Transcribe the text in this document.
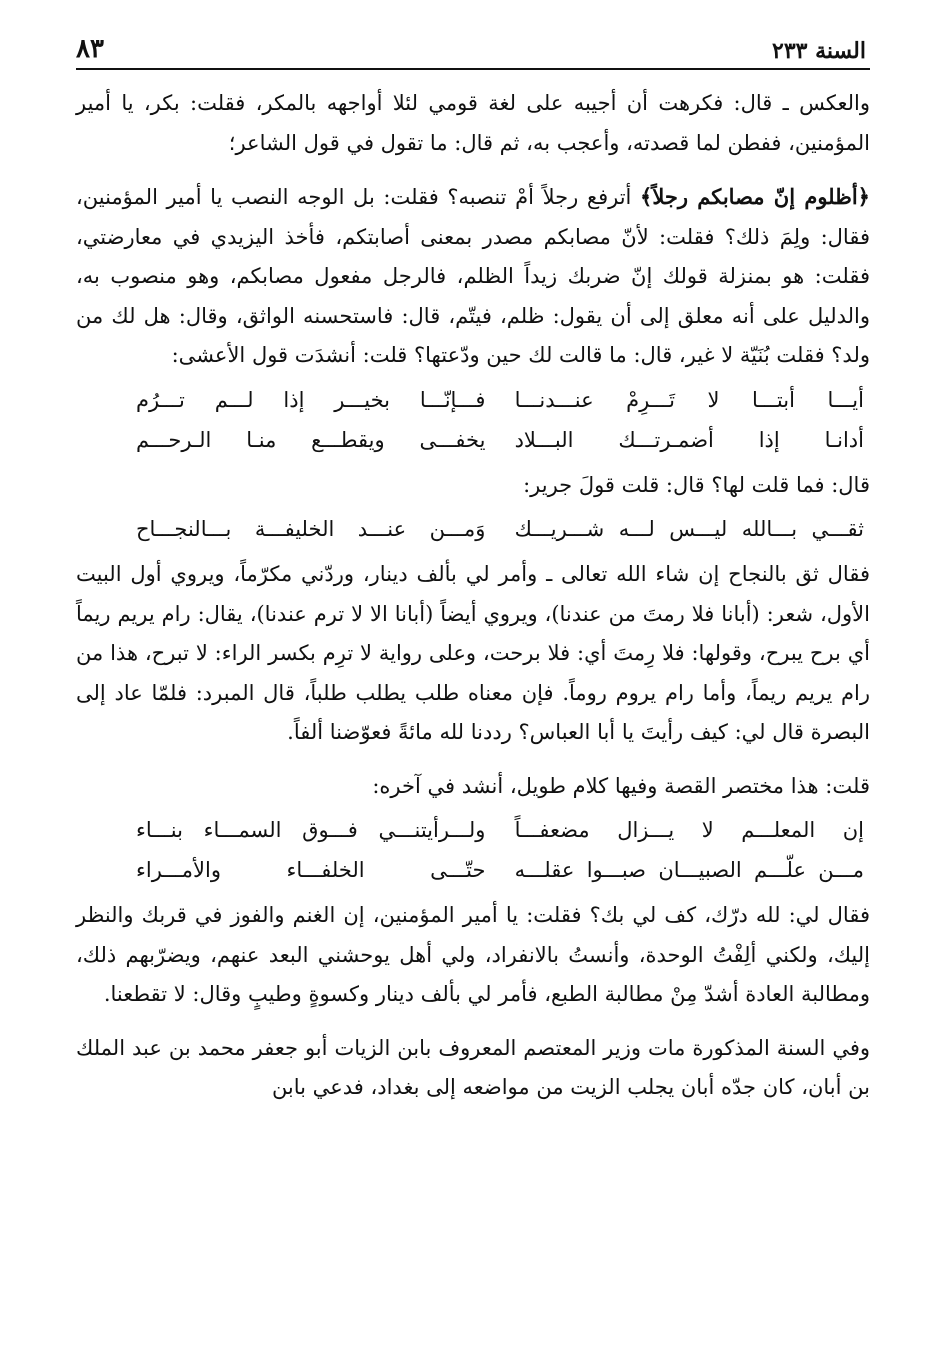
السنة ٢٣٣
٨٣

والعكس ـ قال: فكرهت أن أجيبه على لغة قومي لئلا أواجهه بالمكر، فقلت: بكر، يا أمير المؤمنين، ففطن لما قصدته، وأعجب به، ثم قال: ما تقول في قول الشاعر؛

﴿أظلوم إنّ مصابكم رجلاً﴾ أترفع رجلاً أمْ تنصبه؟ فقلت: بل الوجه النصب يا أمير المؤمنين، فقال: ولِمَ ذلك؟ فقلت: لأنّ مصابكم مصدر بمعنى أصابتكم، فأخذ اليزيدي في معارضتي، فقلت: هو بمنزلة قولك إنّ ضربك زيداً الظلم، فالرجل مفعول مصابكم، وهو منصوب به، والدليل على أنه معلق إلى أن يقول: ظلم، فيتّم، قال: فاستحسنه الواثق، وقال: هل لك من ولد؟ فقلت بُنَيّة لا غير، قال: ما قالت لك حين ودّعتها؟ قلت: أنشدَت قول الأعشى:

أيـــا أبتـــا لا تَـــرِمْ عنـــدنـــا
فـــإنّـــا بخيـــر إذا لـــم تـــرُم
أدانـا إذا أضمـرتـــك البـــلاد
يخفـــى ويقطـــع منـا الـرحـــم

قال: فما قلت لها؟ قال: قلت قولَ جرير:

ثقـــي بـــالله ليـــس لـــه شـــريـــك
وَمـــن عنـــد الخليفـــة بـــالنجـــاح

فقال ثق بالنجاح إن شاء الله تعالى ـ وأمر لي بألف دينار، وردّني مكرّماً، ويروي أول البيت الأول، شعر: (أبانا فلا رمتَ من عندنا)، ويروي أيضاً (أبانا الا لا ترم عندنا)، يقال: رام يريم ريماً أي برح يبرح، وقولها: فلا رِمتَ أي: فلا برحت، وعلى رواية لا ترِم بكسر الراء: لا تبرح، هذا من رام يريم ريماً، وأما رام يروم روماً. فإن معناه طلب يطلب طلباً، قال المبرد: فلمّا عاد إلى البصرة قال لي: كيف رأيتَ يا أبا العباس؟ رددنا لله مائةً فعوّضنا ألفاً.

قلت: هذا مختصر القصة وفيها كلام طويل، أنشد في آخره:

إن المعلـــم لا يـــزال مضعفـــاً
ولـــرأيتنـــي فـــوق السمـــاء بنـــاء
مـــن علّـــم الصبيـــان صبـــوا عقلـــه
حتّـــى الخلفـــاء والأمـــراء

فقال لي: لله درّك، كف لي بك؟ فقلت: يا أمير المؤمنين، إن الغنم والفوز في قربك والنظر إليك، ولكني ألِفْتُ الوحدة، وأنستُ بالانفراد، ولي أهل يوحشني البعد عنهم، ويضرّبهم ذلك، ومطالبة العادة أشدّ مِنْ مطالبة الطبع، فأمر لي بألف دينار وكسوةٍ وطيبٍ وقال: لا تقطعنا.

وفي السنة المذكورة مات وزير المعتصم المعروف بابن الزيات أبو جعفر محمد بن عبد الملك بن أبان، كان جدّه أبان يجلب الزيت من مواضعه إلى بغداد، فدعي بابن
